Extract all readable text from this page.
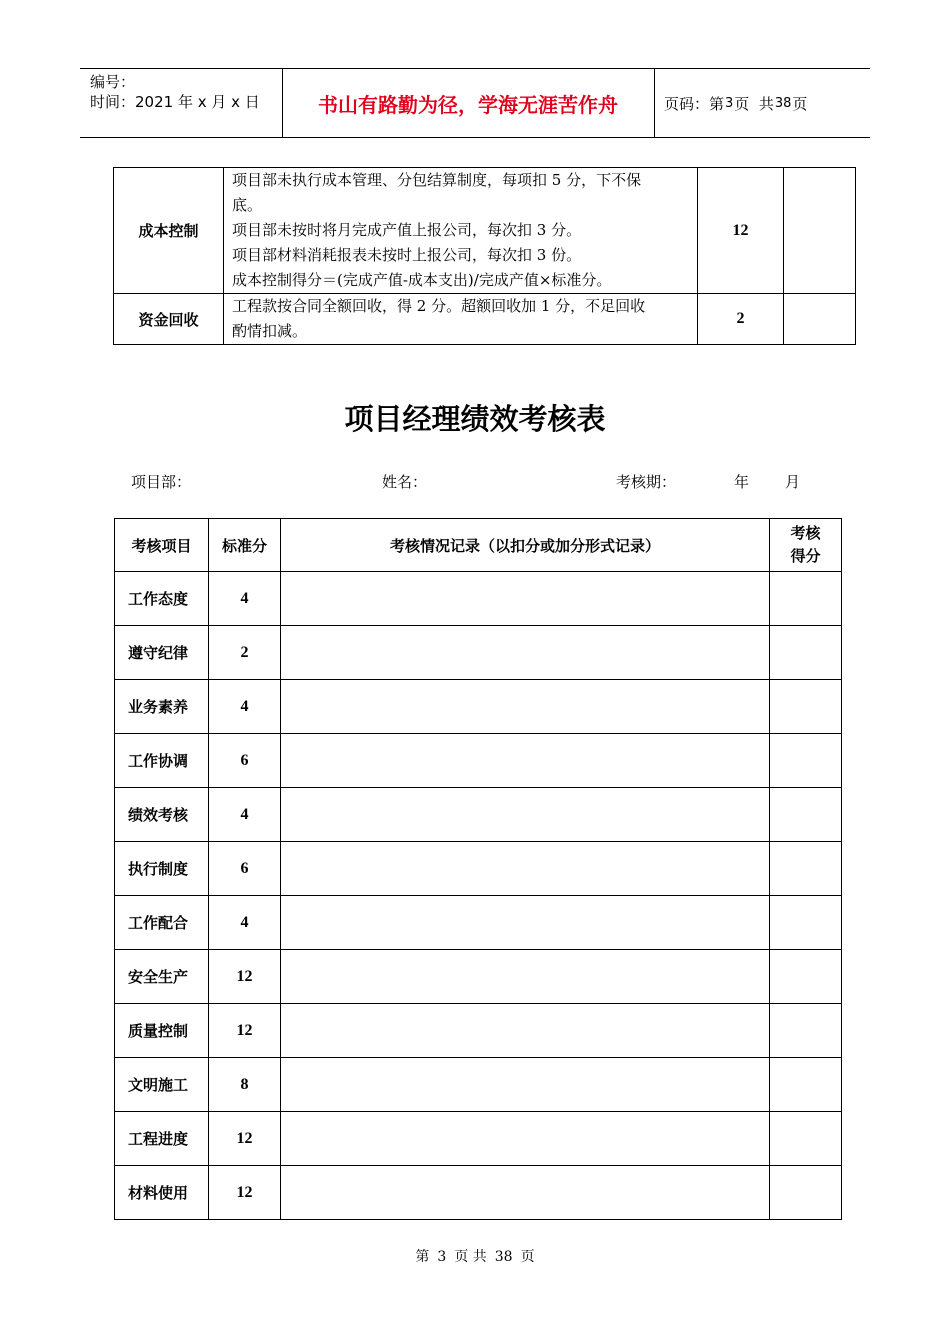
编号：
时间：2021 年 x 月 x 日	书山有路勤为径，学海无涯苦作舟	页码：第 3 页  共 38 页
成本控制	项目部未执行成本管理、分包结算制度，每项扣 5 分，下不保
底。
项目部未按时将月完成产值上报公司，每次扣 3 分。
项目部材料消耗报表未按时上报公司，每次扣 3 份。
成本控制得分＝(完成产值-成本支出)/完成产值×标准分。	12	
资金回收	工程款按合同全额回收，得 2 分。超额回收加 1 分，不足回收
酌情扣减。	2	
项目经理绩效考核表
项目部：	姓名：	考核期：	年 月
考核项目	标准分	考核情况记录（以扣分或加分形式记录）	考核
得分

工作态度	4		
遵守纪律	2		
业务素养	4		
工作协调	6		
绩效考核	4		
执行制度	6		
工作配合	4		
安全生产	12		
质量控制	12		
文明施工	8		
工程进度	12		
材料使用	12		
第 3 页 共 38 页
